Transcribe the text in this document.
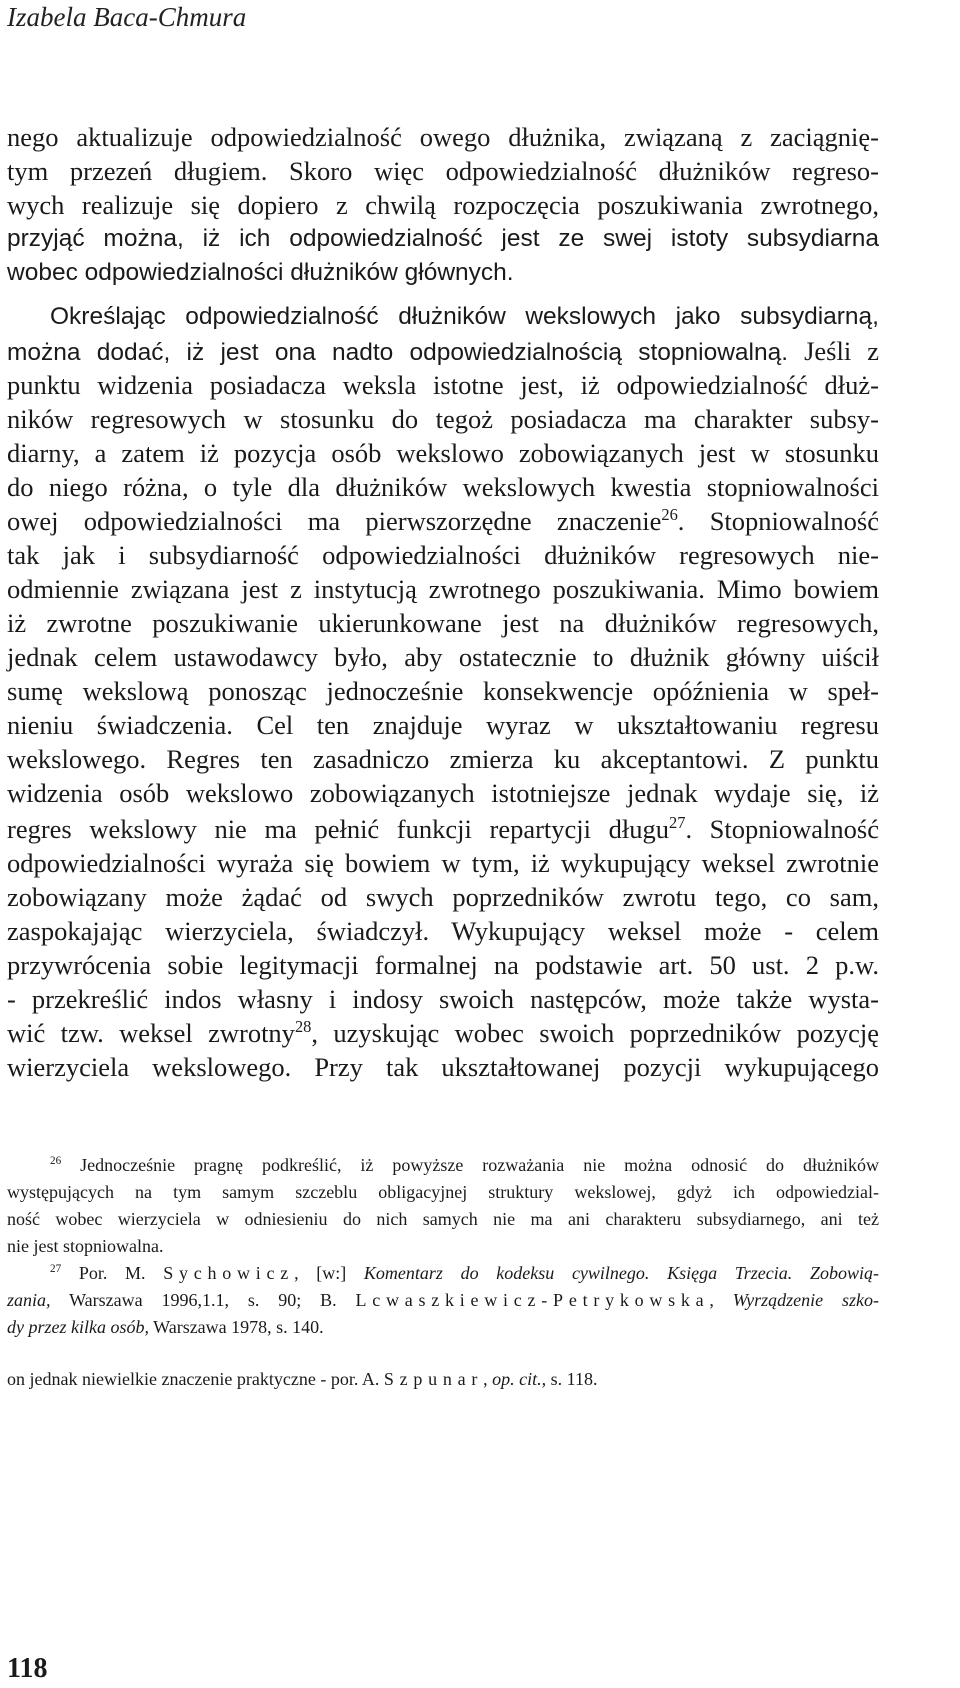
Izabela Baca-Chmura
nego aktualizuje odpowiedzialność owego dłużnika, związaną z zaciągnię-
tym przezeń długiem. Skoro więc odpowiedzialność dłużników regreso-
wych realizuje się dopiero z chwilą rozpoczęcia poszukiwania zwrotnego,
przyjąć można, iż ich odpowiedzialność jest ze swej istoty subsydiarna
wobec odpowiedzialności dłużników głównych.
Określając odpowiedzialność dłużników wekslowych jako subsydiarną,
można dodać, iż jest ona nadto odpowiedzialnością stopniowalną. Jeśli z
punktu widzenia posiadacza weksla istotne jest, iż odpowiedzialność dłuż-
ników regresowych w stosunku do tegoż posiadacza ma charakter subsy-
diarny, a zatem iż pozycja osób wekslowo zobowiązanych jest w stosunku
do niego różna, o tyle dla dłużników wekslowych kwestia stopniowalności
owej odpowiedzialności ma pierwszorzędne znaczenie$^{26}$. Stopniowalność
tak jak i subsydiarność odpowiedzialności dłużników regresowych nie-
odmiennie związana jest z instytucją zwrotnego poszukiwania. Mimo bowiem
iż zwrotne poszukiwanie ukierunkowane jest na dłużników regresowych,
jednak celem ustawodawcy było, aby ostatecznie to dłużnik główny uiścił
sumę wekslową ponosząc jednocześnie konsekwencje opóźnienia w speł-
nieniu świadczenia. Cel ten znajduje wyraz w ukształtowaniu regresu
wekslowego. Regres ten zasadniczo zmierza ku akceptantowi. Z punktu
widzenia osób wekslowo zobowiązanych istotniejsze jednak wydaje się, iż
regres wekslowy nie ma pełnić funkcji repartycji długu$^{27}$. Stopniowalność
odpowiedzialności wyraża się bowiem w tym, iż wykupujący weksel zwrotnie
zobowiązany może żądać od swych poprzedników zwrotu tego, co sam,
zaspokajając wierzyciela, świadczył. Wykupujący weksel może - celem
przywrócenia sobie legitymacji formalnej na podstawie art. 50 ust. 2 p.w.
- przekreślić indos własny i indosy swoich następców, może także wysta-
wić tzw. weksel zwrotny$^{28}$, uzyskując wobec swoich poprzedników pozycję
wierzyciela wekslowego. Przy tak ukształtowanej pozycji wykupującego
$^{26}$ Jednocześnie pragnę podkreślić, iż powyższe rozważania nie można odnosić do dłużników
występujących na tym samym szczeblu obligacyjnej struktury wekslowej, gdyż ich odpowiedzial-
ność wobec wierzyciela w odniesieniu do nich samych nie ma ani charakteru subsydiarnego, ani też
nie jest stopniowalna.
$^{27}$ Por. M. Sychowicz, [w:] Komentarz do kodeksu cywilnego. Księga Trzecia. Zobowią-
zania, Warszawa 1996,1.1, s. 90; B. Lcwaszkiewicz-Petrykowska, Wyrządzenie szko-
dy przez kilka osób, Warszawa 1978, s. 140.
on jednak niewielkie znaczenie praktyczne - por. A. Szpunar, op. cit., s. 118.
118
